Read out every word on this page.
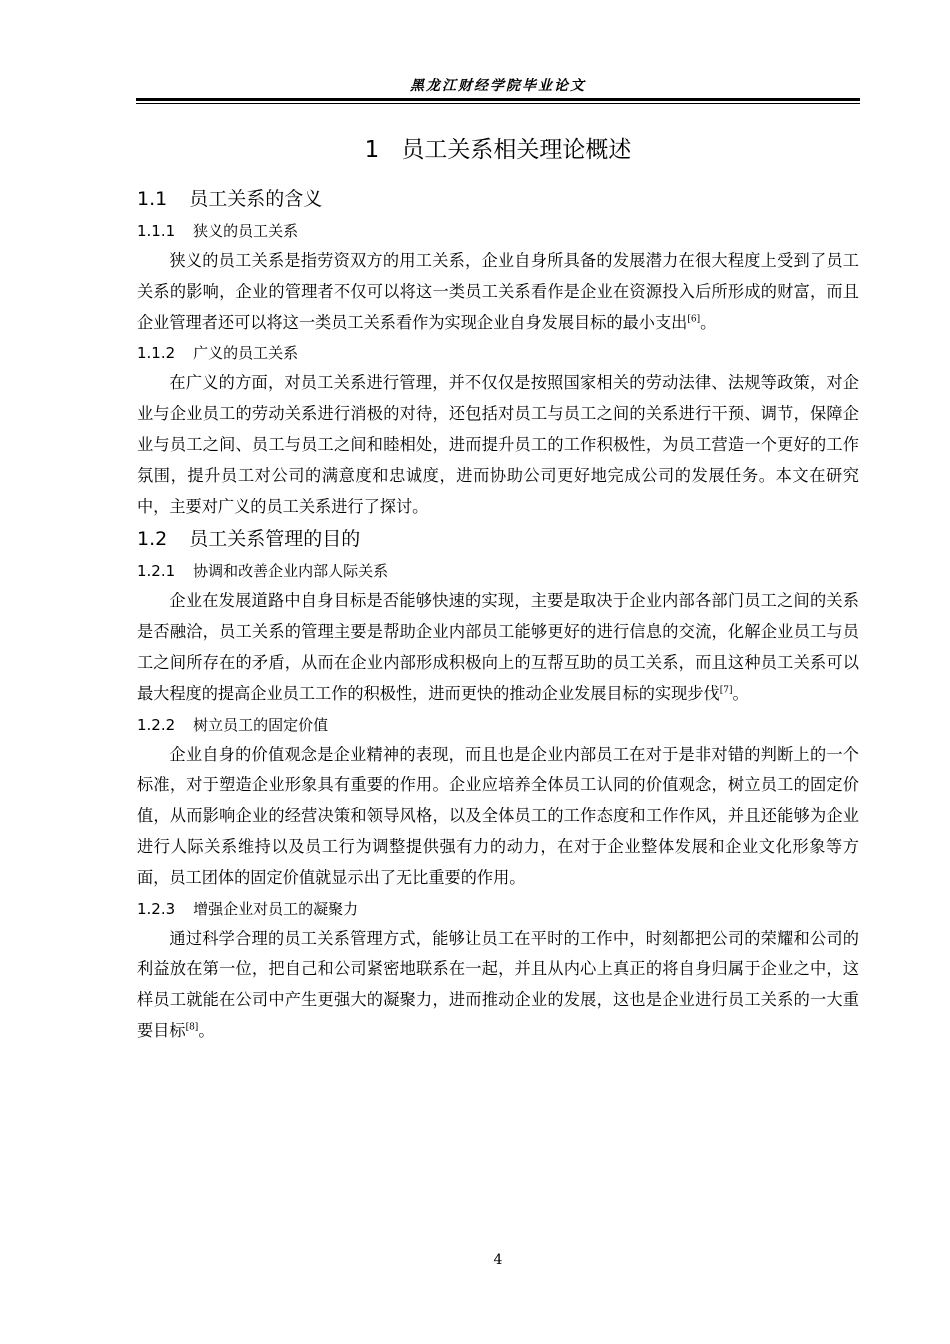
黑龙江财经学院毕业论文
1 员工关系相关理论概述
1.1 员工关系的含义
1.1.1 狭义的员工关系

狭义的员工关系是指劳资双方的用工关系，企业自身所具备的发展潜力在很大程度上受到了员工关系的影响，企业的管理者不仅可以将这一类员工关系看作是企业在资源投入后所形成的财富，而且企业管理者还可以将这一类员工关系看作为实现企业自身发展目标的最小支出[6]。

1.1.2 广义的员工关系

在广义的方面，对员工关系进行管理，并不仅仅是按照国家相关的劳动法律、法规等政策，对企业与企业员工的劳动关系进行消极的对待，还包括对员工与员工之间的关系进行干预、调节，保障企业与员工之间、员工与员工之间和睦相处，进而提升员工的工作积极性，为员工营造一个更好的工作氛围，提升员工对公司的满意度和忠诚度，进而协助公司更好地完成公司的发展任务。本文在研究中，主要对广义的员工关系进行了探讨。

1.2 员工关系管理的目的
1.2.1 协调和改善企业内部人际关系

企业在发展道路中自身目标是否能够快速的实现，主要是取决于企业内部各部门员工之间的关系是否融洽，员工关系的管理主要是帮助企业内部员工能够更好的进行信息的交流，化解企业员工与员工之间所存在的矛盾，从而在企业内部形成积极向上的互帮互助的员工关系，而且这种员工关系可以最大程度的提高企业员工工作的积极性，进而更快的推动企业发展目标的实现步伐[7]。

1.2.2 树立员工的固定价值

企业自身的价值观念是企业精神的表现，而且也是企业内部员工在对于是非对错的判断上的一个标准，对于塑造企业形象具有重要的作用。企业应培养全体员工认同的价值观念，树立员工的固定价值，从而影响企业的经营决策和领导风格，以及全体员工的工作态度和工作作风，并且还能够为企业进行人际关系维持以及员工行为调整提供强有力的动力，在对于企业整体发展和企业文化形象等方面，员工团体的固定价值就显示出了无比重要的作用。

1.2.3 增强企业对员工的凝聚力

通过科学合理的员工关系管理方式，能够让员工在平时的工作中，时刻都把公司的荣耀和公司的利益放在第一位，把自己和公司紧密地联系在一起，并且从内心上真正的将自身归属于企业之中，这样员工就能在公司中产生更强大的凝聚力，进而推动企业的发展，这也是企业进行员工关系的一大重要目标[8]。

4
